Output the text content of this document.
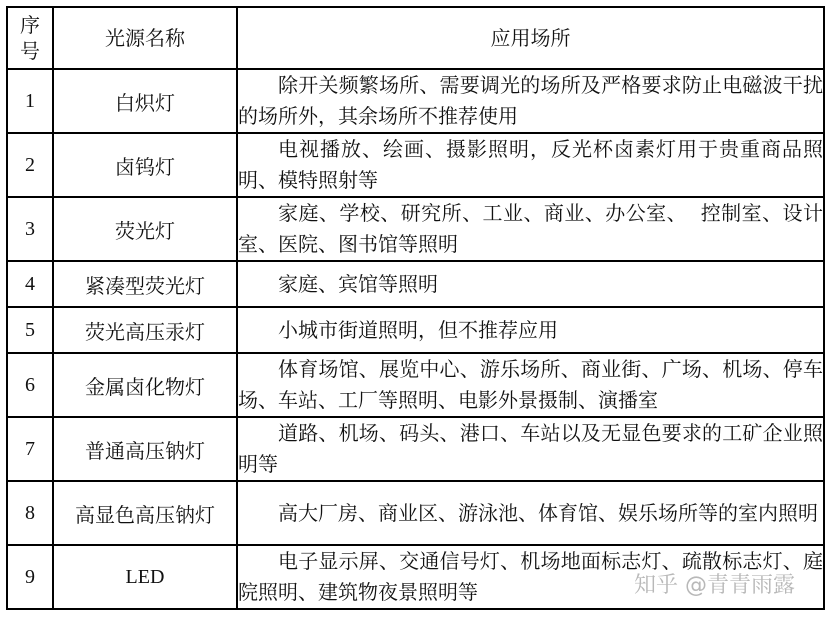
序号	光源名称	应用场所
1	白炽灯	除开关频繁场所、需要调光的场所及严格要求防止电磁波干扰的场所外，其余场所不推荐使用

2	卤钨灯	电视播放、绘画、摄影照明，反光杯卤素灯用于贵重商品照明、模特照射等
3	荧光灯	家庭、学校、研究所、工业、商业、办公室、  控制室、设计室、医院、图书馆等照明
4	紧凑型荧光灯	家庭、宾馆等照明
5	荧光高压汞灯	小城市街道照明，但不推荐应用
6	金属卤化物灯	体育场馆、展览中心、游乐场所、商业街、广场、机场、停车场、车站、工厂等照明、电影外景摄制、演播室
7	普通高压钠灯	道路、机场、码头、港口、车站以及无显色要求的工矿企业照明等
8	高显色高压钠灯	高大厂房、商业区、游泳池、体育馆、娱乐场所等的室内照明
9	LED	电子显示屏、交通信号灯、机场地面标志灯、疏散标志灯、庭院照明、建筑物夜景照明等	知乎 @青青雨露
